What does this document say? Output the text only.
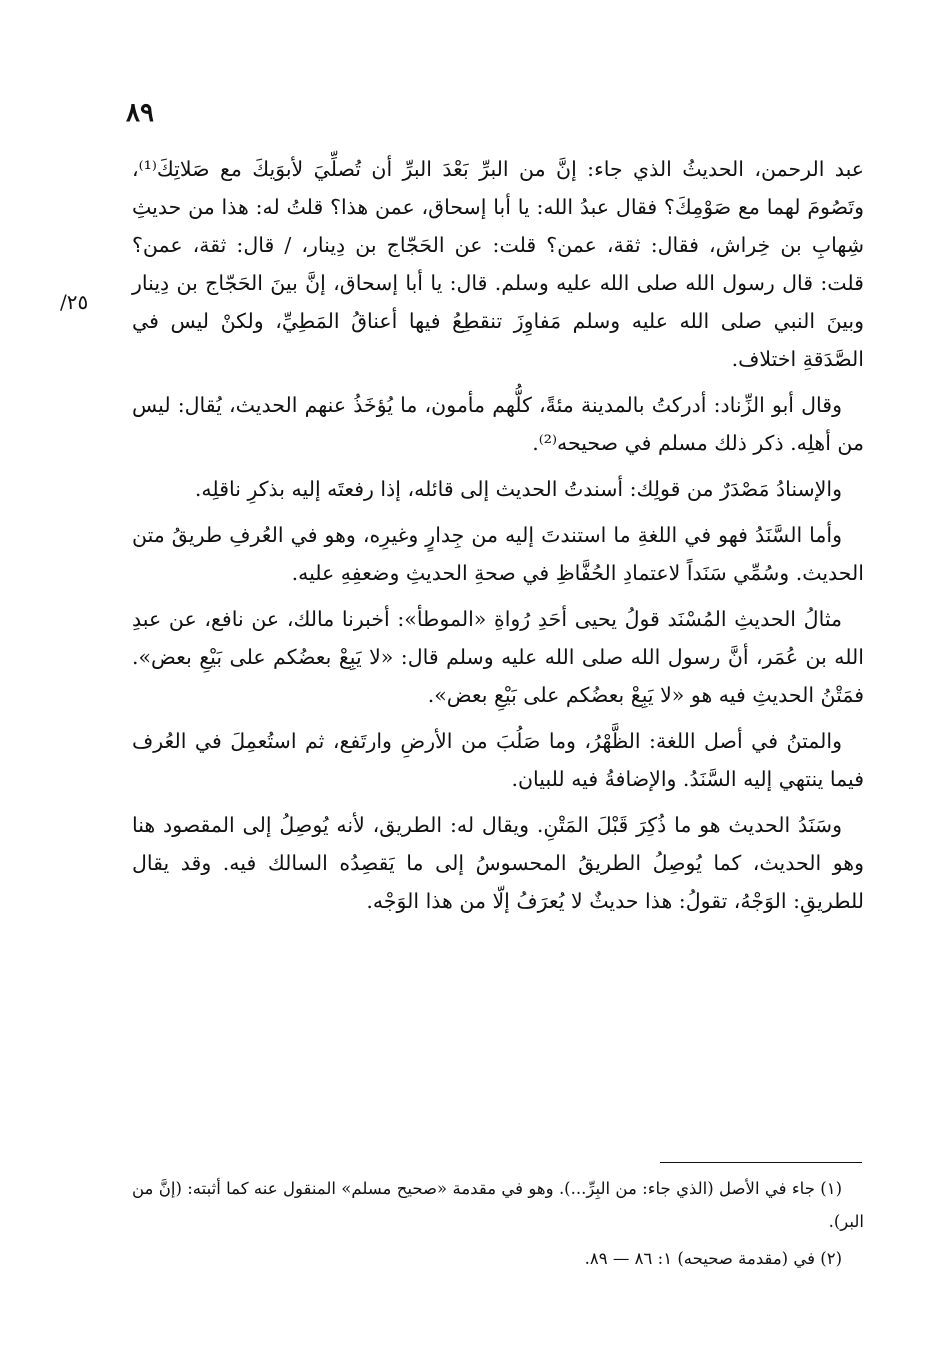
٨٩
٢٥/

عبد الرحمن، الحديثُ الذي جاء: إنَّ من البرِّ بَعْدَ البرِّ أن تُصلِّيَ لأبوَيكَ مع صَلاتِكَ⁽¹⁾، وتَصُومَ لهما مع صَوْمِكَ؟ فقال عبدُ الله: يا أبا إسحاق، عمن هذا؟ قلتُ له: هذا من حديثِ شِهابِ بن خِراش، فقال: ثقة، عمن؟ قلت: عن الحَجّاج بن دِينار، / قال: ثقة، عمن؟ قلت: قال رسول الله صلى الله عليه وسلم. قال: يا أبا إسحاق، إنَّ بينَ الحَجّاج بن دِينار وبينَ النبي صلى الله عليه وسلم مَفاوِزَ تنقطِعُ فيها أعناقُ المَطِيِّ، ولكنْ ليس في الصَّدَقةِ اختلاف.

وقال أبو الزِّناد: أدركتُ بالمدينة مئةً، كلُّهم مأمون، ما يُؤخَذُ عنهم الحديث، يُقال: ليس من أهلِه. ذكر ذلك مسلم في صحيحه⁽²⁾.

والإسنادُ مَصْدَرٌ من قولِك: أسندتُ الحديث إلى قائله، إذا رفعتَه إليه بذكرِ ناقلِه.

وأما السَّنَدُ فهو في اللغةِ ما استندتَ إليه من جِدارٍ وغيرِه، وهو في العُرفِ طريقُ متن الحديث. وسُمِّي سَنَداً لاعتمادِ الحُفَّاظِ في صحةِ الحديثِ وضعفِهِ عليه.

مثالُ الحديثِ المُسْنَد قولُ يحيى أحَدِ رُواةِ «الموطأ»: أخبرنا مالك، عن نافع، عن عبدِ الله بن عُمَر، أنَّ رسول الله صلى الله عليه وسلم قال: «لا يَبِعْ بعضُكم على بَيْعِ بعض». فمَتْنُ الحديثِ فيه هو «لا يَبِعْ بعضُكم على بَيْعِ بعض».

والمتنُ في أصل اللغة: الظَّهْرُ، وما صَلُبَ من الأرضِ وارتَفع، ثم استُعمِلَ في العُرف فيما ينتهي إليه السَّنَدُ. والإضافةُ فيه للبيان.

وسَنَدُ الحديث هو ما ذُكِرَ قَبْلَ المَتْنِ. ويقال له: الطريق، لأنه يُوصِلُ إلى المقصود هنا وهو الحديث، كما يُوصِلُ الطريقُ المحسوسُ إلى ما يَقصِدُه السالك فيه. وقد يقال للطريقِ: الوَجْهُ، تقولُ: هذا حديثٌ لا يُعرَفُ إلّا من هذا الوَجْه.

(١) جاء في الأصل (الذي جاء: من البِرِّ...). وهو في مقدمة «صحيح مسلم» المنقول عنه كما أثبته: (إنَّ من البر).

(٢) في (مقدمة صحيحه) ١: ٨٦ — ٨٩.
